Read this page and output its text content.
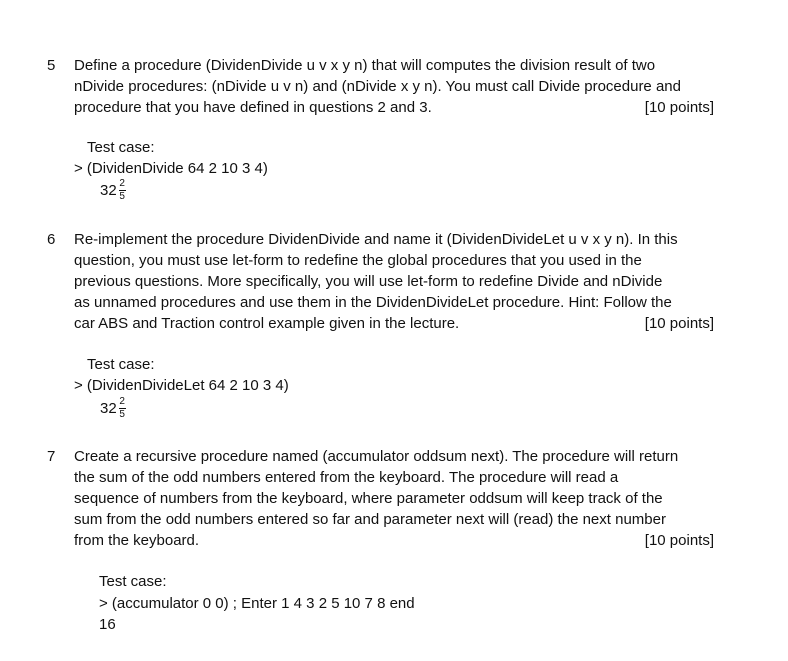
5 Define a procedure (DividenDivide u v x y n) that will computes the division result of two
nDivide procedures: (nDivide u v n) and (nDivide x y n). You must call Divide procedure and
procedure that you have defined in questions 2 and 3.	[10 points]
Test case:
> (DividenDivide 64 2 10 3 4)
$32 \frac{2}{5}$
6 Re-implement the procedure DividenDivide and name it (DividenDivideLet u v x y n). In this
question, you must use let-form to redefine the global procedures that you used in the
previous questions. More specifically, you will use let-form to redefine Divide and nDivide
as unnamed procedures and use them in the DividenDivideLet procedure. Hint: Follow the
car ABS and Traction control example given in the lecture.	[10 points]
Test case:
> (DividenDivideLet 64 2 10 3 4)
$32 \frac{2}{5}$
7 Create a recursive procedure named (accumulator oddsum next). The procedure will return
the sum of the odd numbers entered from the keyboard. The procedure will read a
sequence of numbers from the keyboard, where parameter oddsum will keep track of the
sum from the odd numbers entered so far and parameter next will (read) the next number
from the keyboard.	[10 points]
Test case:
> (accumulator 0 0) ; Enter 1 4 3 2 5 10 7 8 end
16
